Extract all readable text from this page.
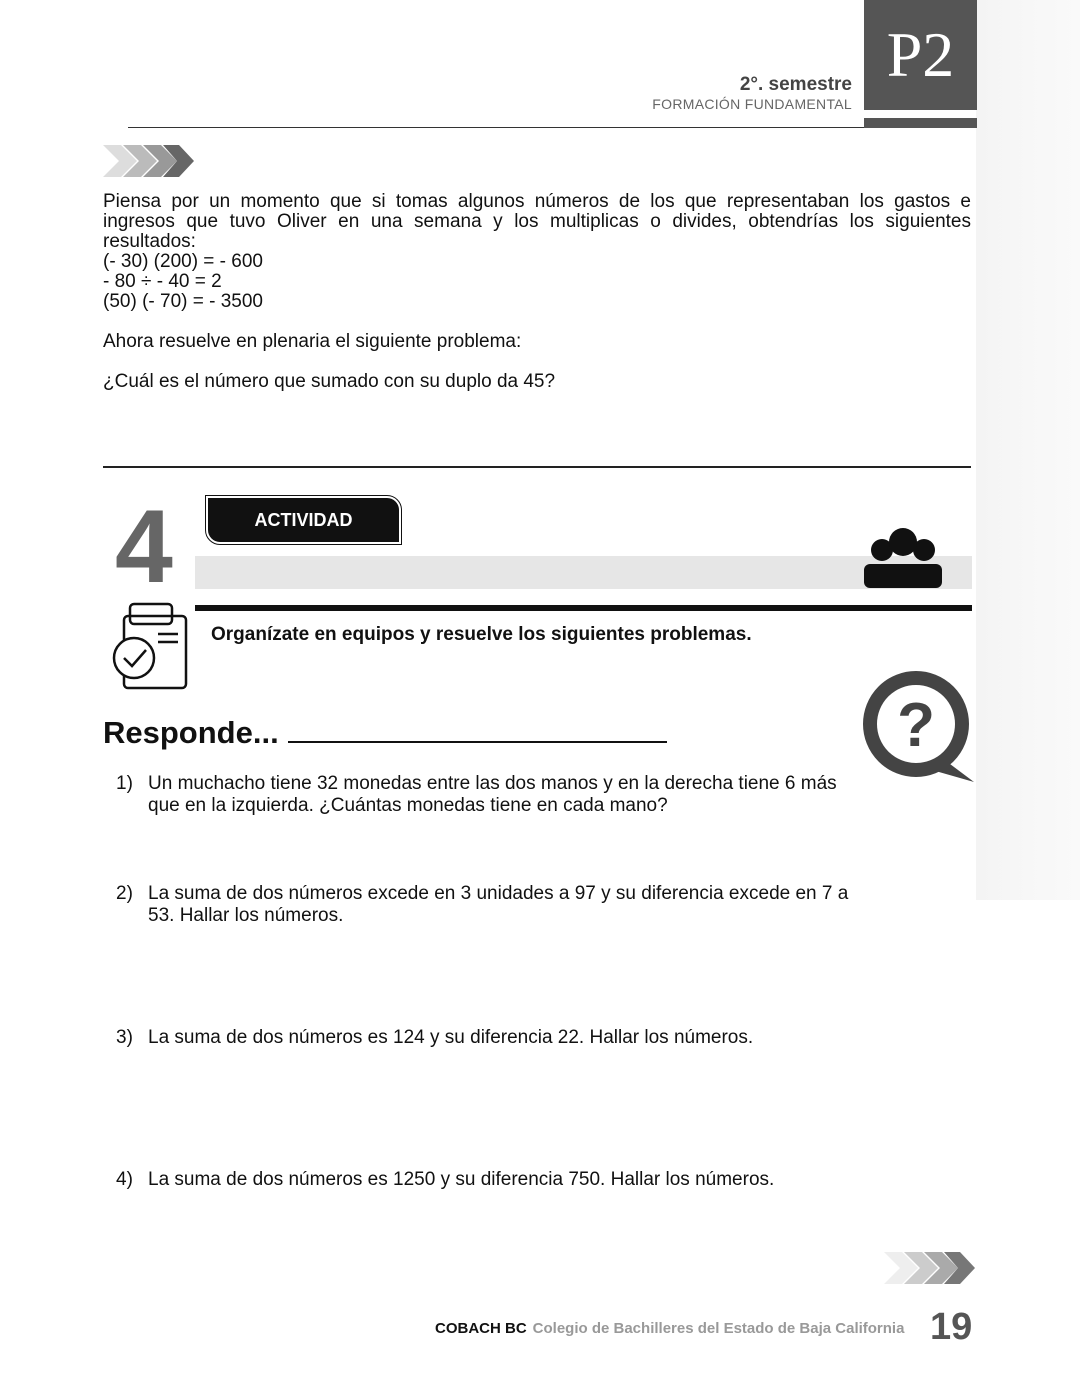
P2
2°. semestre
FORMACIÓN FUNDAMENTAL

Piensa por un momento que si tomas algunos números de los que representaban los gastos e ingresos que tuvo Oliver en una semana y los multiplicas o divides, obtendrías los siguientes resultados:

(- 30) (200) = - 600

- 80 ÷ - 40 = 2

(50) (- 70) = - 3500

Ahora resuelve en plenaria el siguiente problema:

¿Cuál es el número que sumado con su duplo da 45?

4	ACTIVIDAD
Organízate en equipos y resuelve los siguientes problemas.
?
Responde...
1) Un muchacho tiene 32 monedas entre las dos manos y en la derecha tiene 6 más que en la izquierda. ¿Cuántas monedas tiene en cada mano?
2) La suma de dos números excede en 3 unidades a 97 y su diferencia excede en 7 a 53. Hallar los números.
3) La suma de dos números es 124 y su diferencia 22. Hallar los números.
4) La suma de dos números es 1250 y su diferencia 750. Hallar los números.
COBACH BC Colegio de Bachilleres del Estado de Baja California 19
